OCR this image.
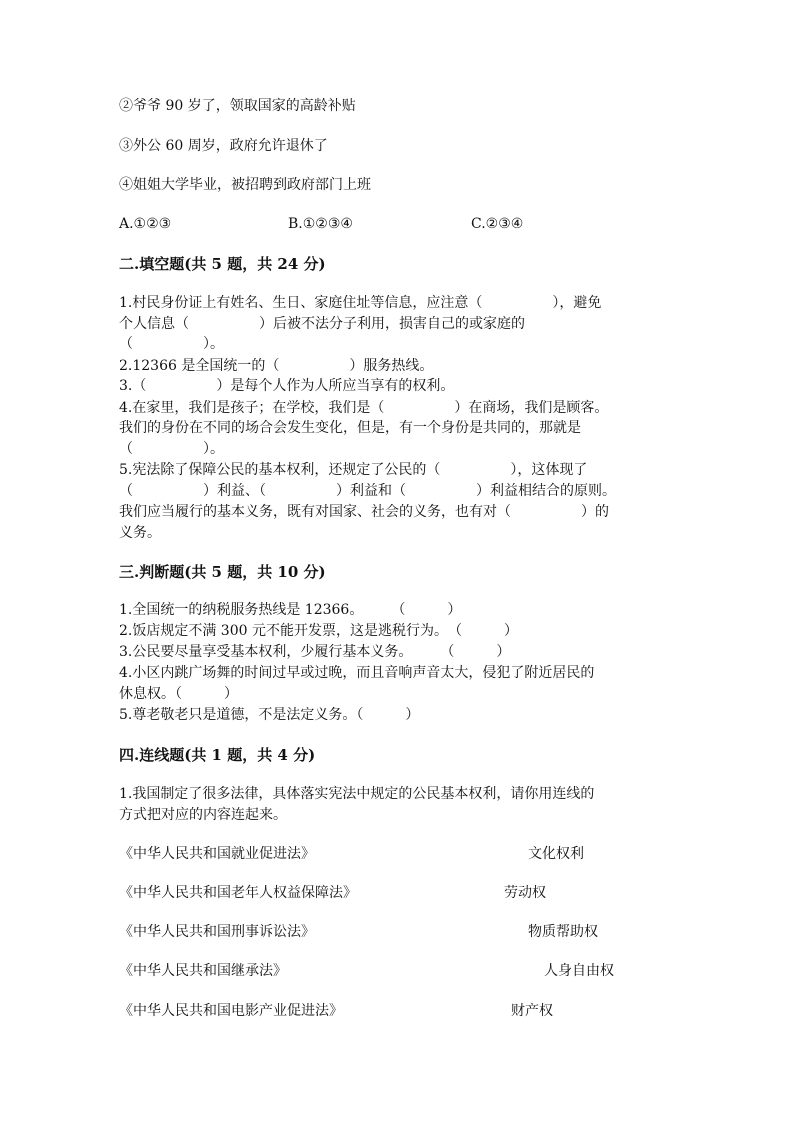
②爷爷 90 岁了，领取国家的高龄补贴
③外公 60 周岁，政府允许退休了
④姐姐大学毕业，被招聘到政府部门上班
A.①②③	B.①②③④	C.②③④
二.填空题(共 5 题，共 24 分)
1.村民身份证上有姓名、生日、家庭住址等信息，应注意（　　　　　），避免
个人信息（　　　　　）后被不法分子利用，损害自己的或家庭的
（　　　　　）。
2.12366 是全国统一的（　　　　　）服务热线。
3.（　　　　　）是每个人作为人所应当享有的权利。
4.在家里，我们是孩子；在学校，我们是（　　　　　）在商场，我们是顾客。
我们的身份在不同的场合会发生变化，但是，有一个身份是共同的，那就是
（　　　　　）。
5.宪法除了保障公民的基本权利，还规定了公民的（　　　　　），这体现了
（　　　　　）利益、（　　　　　）利益和（　　　　　）利益相结合的原则。
我们应当履行的基本义务，既有对国家、社会的义务，也有对（　　　　　）的
义务。
三.判断题(共 5 题，共 10 分)
1.全国统一的纳税服务热线是 12366。　　　（　　　）
2.饭店规定不满 300 元不能开发票，这是逃税行为。　（　　　）
3.公民要尽量享受基本权利，少履行基本义务。　　　（　　　）
4.小区内跳广场舞的时间过早或过晚，而且音响声音太大，侵犯了附近居民的
休息权。（　　　）
5.尊老敬老只是道德，不是法定义务。（　　　）
四.连线题(共 1 题，共 4 分)
1.我国制定了很多法律，具体落实宪法中规定的公民基本权利，请你用连线的
方式把对应的内容连起来。
《中华人民共和国就业促进法》
《中华人民共和国老年人权益保障法》
《中华人民共和国刑事诉讼法》
《中华人民共和国继承法》
《中华人民共和国电影产业促进法》
文化权利
劳动权
物质帮助权
人身自由权
财产权
